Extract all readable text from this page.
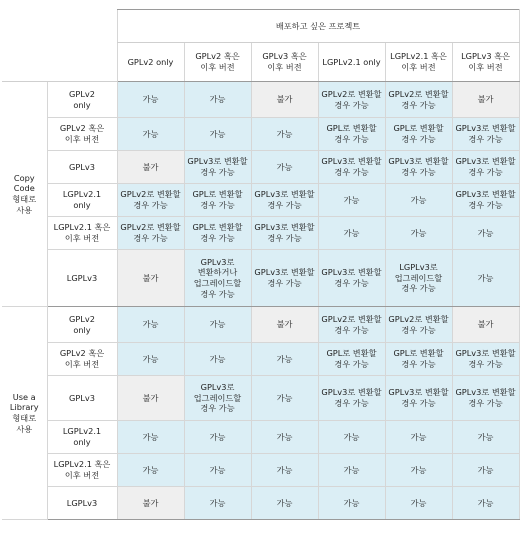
		배포하고 싶은 프로젝트					
		GPLv2 only	GPLv2 혹은
이후 버전	GPLv3 혹은
이후 버전	LGPLv2.1 only	LGPLv2.1 혹은
이후 버전	LGPLv3 혹은
이후 버전
Copy
Code
형태로
사용	GPLv2
only	가능	가능	불가	GPLv2로 변환할
경우 가능	GPLv2로 변환할
경우 가능	불가
	GPLv2 혹은
이후 버전	가능	가능	가능	GPL로 변환할
경우 가능	GPL로 변환할
경우 가능	GPLv3로 변환할
경우 가능
	GPLv3	불가	GPLv3로 변환할
경우 가능	가능	GPLv3로 변환할
경우 가능	GPLv3로 변환할
경우 가능	GPLv3로 변환할
경우 가능
	LGPLv2.1
only	GPLv2로 변환할
경우 가능	GPL로 변환할
경우 가능	GPLv3로 변환할
경우 가능	가능	가능	GPLv3로 변환할
경우 가능
	LGPLv2.1 혹은
이후 버전	GPLv2로 변환할
경우 가능	GPL로 변환할
경우 가능	GPLv3로 변환할
경우 가능	가능	가능	가능
	LGPLv3	불가	GPLv3로
변환하거나
업그레이드할
경우 가능	GPLv3로 변환할
경우 가능	GPLv3로 변환할
경우 가능	LGPLv3로
업그레이드할
경우 가능	가능
Use a
Library
형태로
사용	GPLv2
only	가능	가능	불가	GPLv2로 변환할
경우 가능	GPLv2로 변환할
경우 가능	불가
	GPLv2 혹은
이후 버전	가능	가능	가능	GPL로 변환할
경우 가능	GPL로 변환할
경우 가능	GPLv3로 변환할
경우 가능
	GPLv3	불가	GPLv3로
업그레이드할
경우 가능	가능	GPLv3로 변환할
경우 가능	GPLv3로 변환할
경우 가능	GPLv3로 변환할
경우 가능
	LGPLv2.1
only	가능	가능	가능	가능	가능	가능
	LGPLv2.1 혹은
이후 버전	가능	가능	가능	가능	가능	가능
	LGPLv3	불가	가능	가능	가능	가능	가능
